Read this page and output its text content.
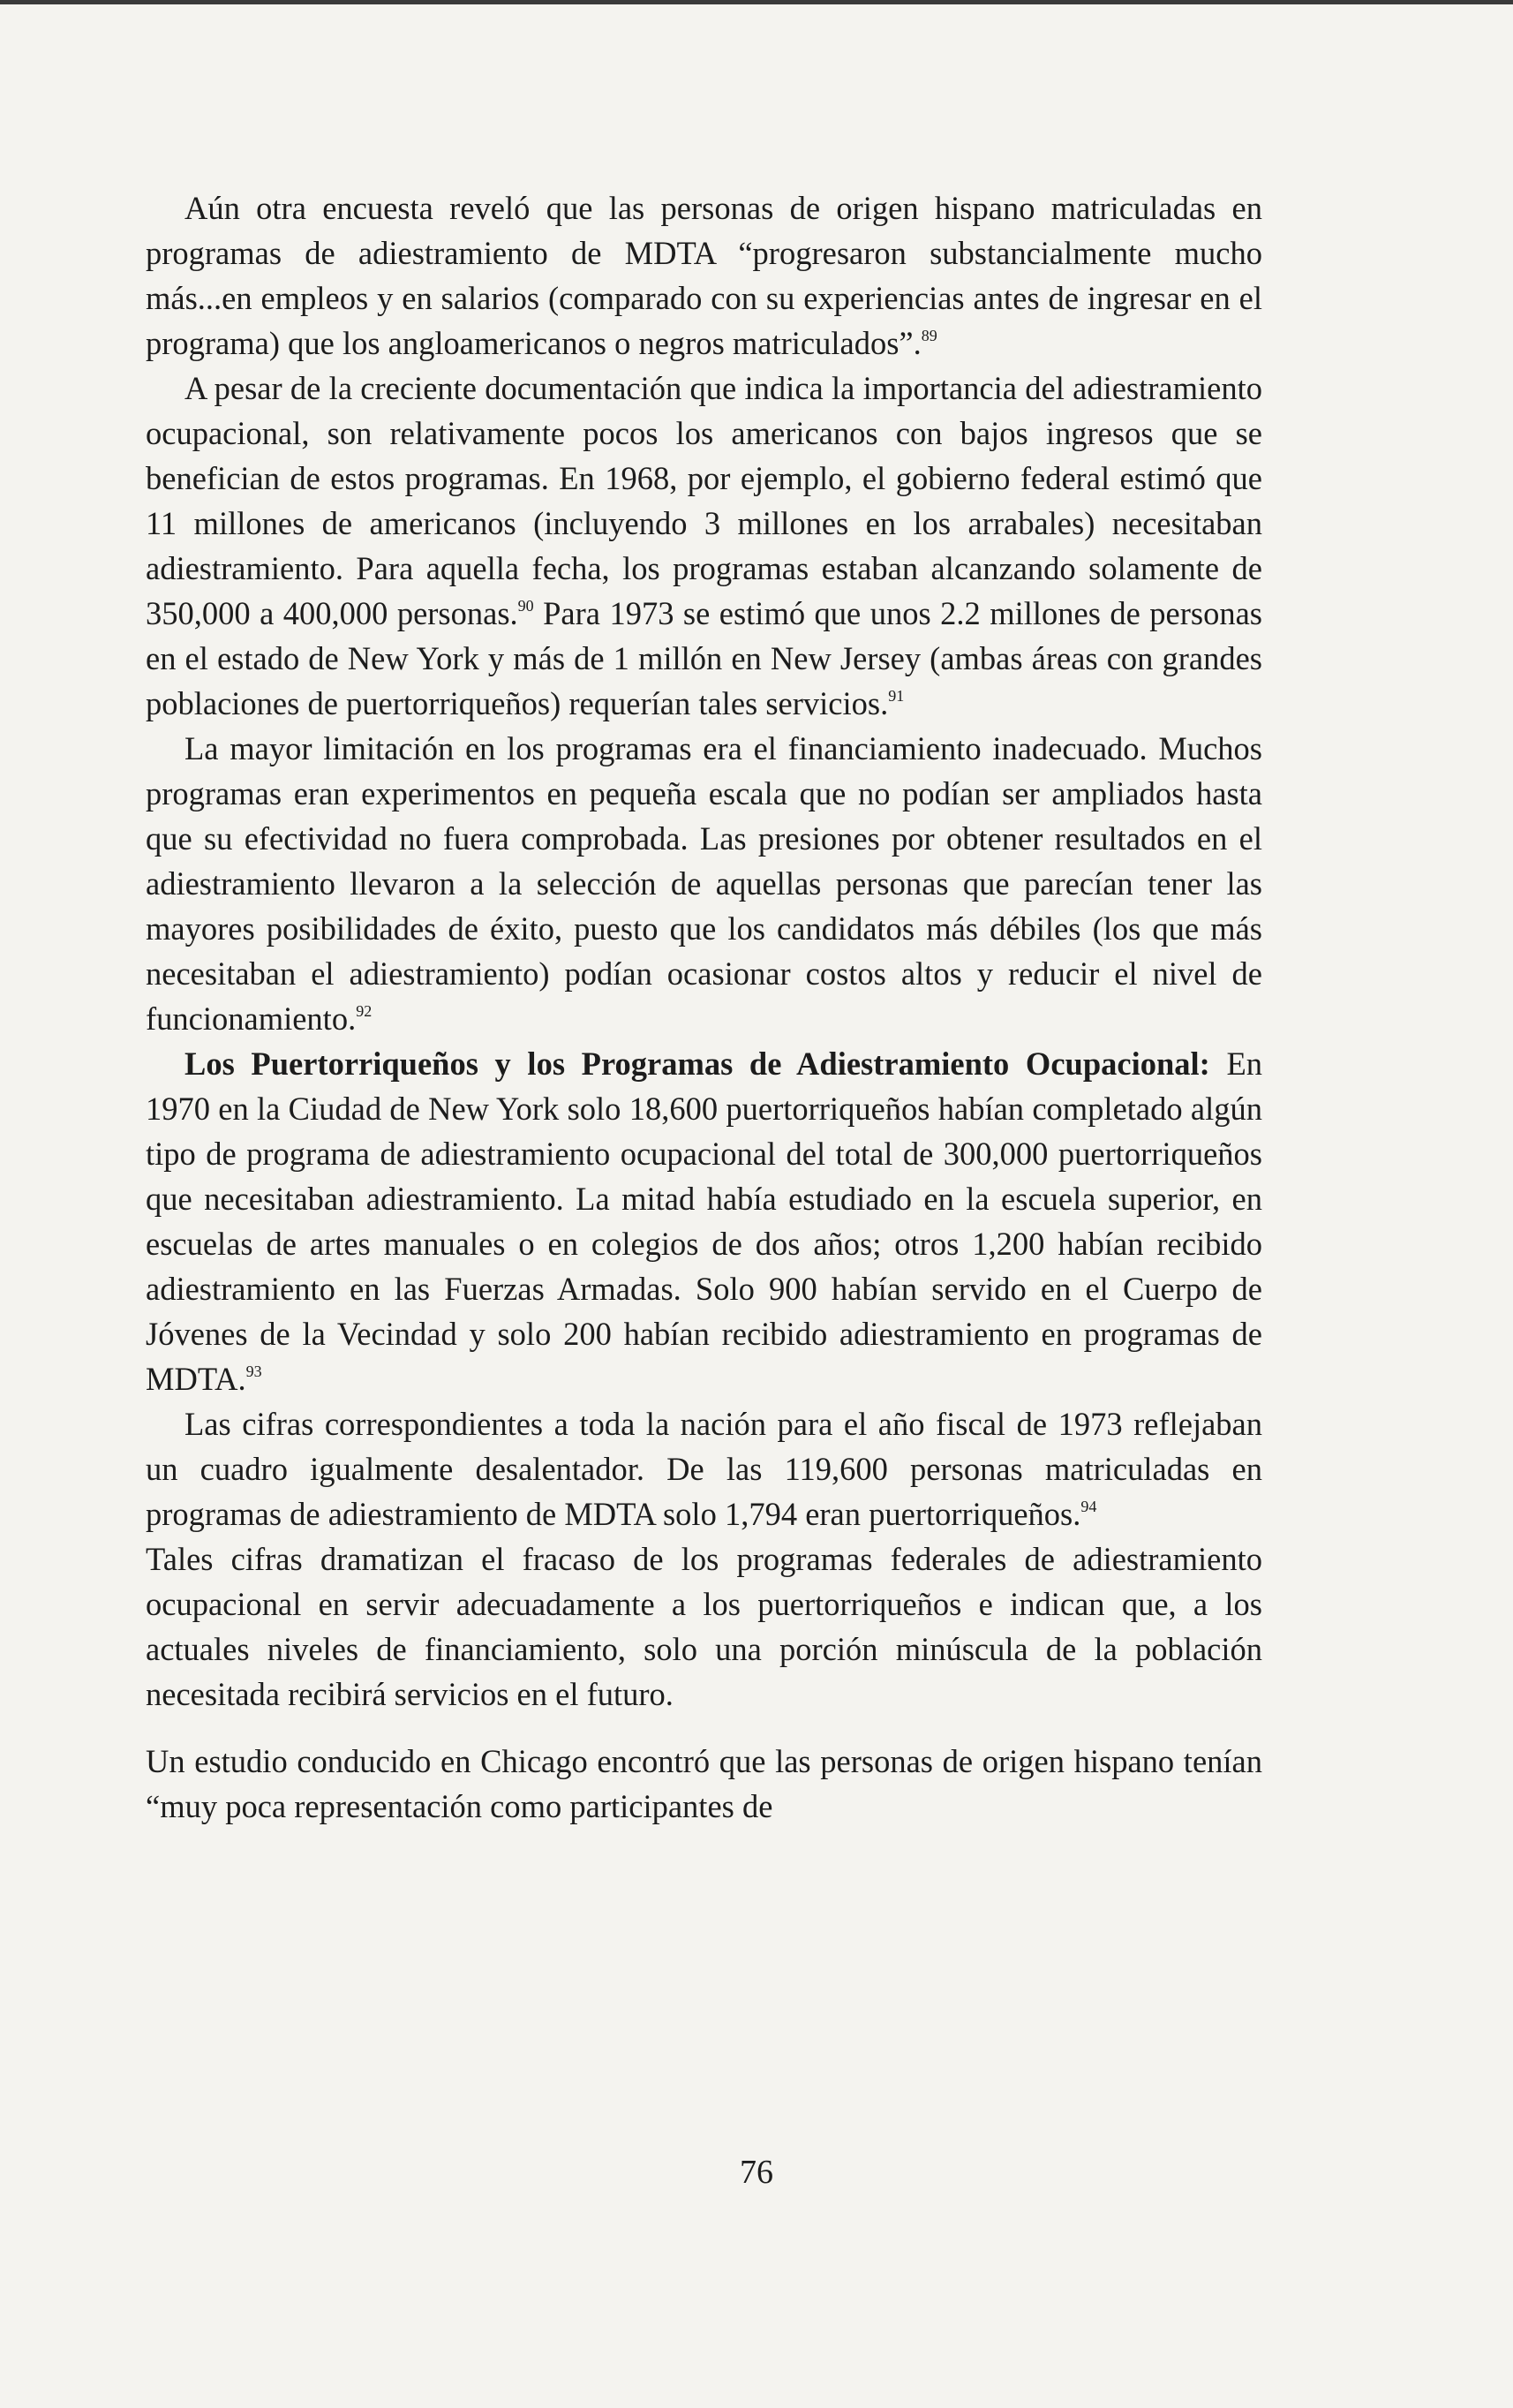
Aún otra encuesta reveló que las personas de origen hispano matriculadas en programas de adiestramiento de MDTA “progresaron substancialmente mucho más...en empleos y en salarios (comparado con su experiencias antes de ingresar en el programa) que los angloamericanos o negros matriculados”.$^{89}$

A pesar de la creciente documentación que indica la importancia del adiestramiento ocupacional, son relativamente pocos los americanos con bajos ingresos que se benefician de estos programas. En 1968, por ejemplo, el gobierno federal estimó que 11 millones de americanos (incluyendo 3 millones en los arrabales) necesitaban adiestramiento. Para aquella fecha, los programas estaban alcanzando solamente de 350,000 a 400,000 personas.$^{90}$ Para 1973 se estimó que unos 2.2 millones de personas en el estado de New York y más de 1 millón en New Jersey (ambas áreas con grandes poblaciones de puertorriqueños) requerían tales servicios.$^{91}$

La mayor limitación en los programas era el financiamiento inadecuado. Muchos programas eran experimentos en pequeña escala que no podían ser ampliados hasta que su efectividad no fuera comprobada. Las presiones por obtener resultados en el adiestramiento llevaron a la selección de aquellas personas que parecían tener las mayores posibilidades de éxito, puesto que los candidatos más débiles (los que más necesitaban el adiestramiento) podían ocasionar costos altos y reducir el nivel de funcionamiento.$^{92}$

Los Puertorriqueños y los Programas de Adiestramiento Ocupacional: En 1970 en la Ciudad de New York solo 18,600 puertorriqueños habían completado algún tipo de programa de adiestramiento ocupacional del total de 300,000 puertorriqueños que necesitaban adiestramiento. La mitad había estudiado en la escuela superior, en escuelas de artes manuales o en colegios de dos años; otros 1,200 habían recibido adiestramiento en las Fuerzas Armadas. Solo 900 habían servido en el Cuerpo de Jóvenes de la Vecindad y solo 200 habían recibido adiestramiento en programas de MDTA.$^{93}$

Las cifras correspondientes a toda la nación para el año fiscal de 1973 reflejaban un cuadro igualmente desalentador. De las 119,600 personas matriculadas en programas de adiestramiento de MDTA solo 1,794 eran puertorriqueños.$^{94}$

Tales cifras dramatizan el fracaso de los programas federales de adiestramiento ocupacional en servir adecuadamente a los puertorriqueños e indican que, a los actuales niveles de financiamiento, solo una porción minúscula de la población necesitada recibirá servicios en el futuro.

Un estudio conducido en Chicago encontró que las personas de origen hispano tenían “muy poca representación como participantes de

76
